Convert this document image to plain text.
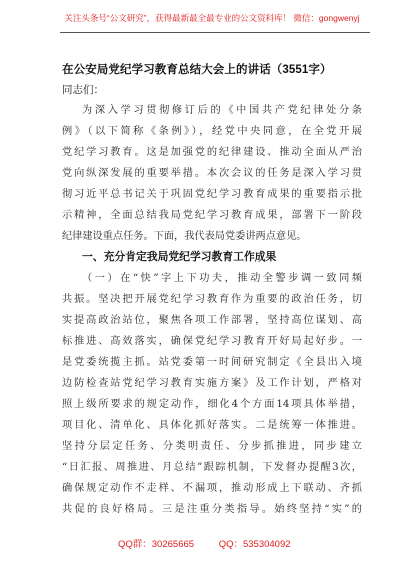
关注头条号“公文研究”，获得最新最全最专业的公文资料库！ 微信：gongwenyj
在公安局党纪学习教育总结大会上的讲话（3551字）
同志们：
为深入学习贯彻修订后的《中国共产党纪律处分条
例》（以下简称《条例》），经党中央同意，在全党开展
党纪学习教育。这是加强党的纪律建设、推动全面从严治
党向纵深发展的重要举措。本次会议的任务是深入学习贯
彻习近平总书记关于巩固党纪学习教育成果的重要指示批
示精神，全面总结我局党纪学习教育成果，部署下一阶段
纪律建设重点任务。下面，我代表局党委讲两点意见。
一、充分肯定我局党纪学习教育工作成果
（一）在“快”字上下功夫，推动全警步调一致同频
共振。坚决把开展党纪学习教育作为重要的政治任务，切
实提高政治站位，聚焦各项工作部署，坚持高位谋划、高
标推进、高效落实，确保党纪学习教育开好局起好步。一
是党委统揽主抓。站党委第一时间研究制定《全县出入境
边防检查站党纪学习教育实施方案》及工作计划，严格对
照上级所要求的规定动作，细化4个方面14项具体举措，
项目化、清单化、具体化抓好落实。二是统筹一体推进。
坚持分层定任务、分类明责任、分步抓推进，同步建立
“日汇报、周推进、月总结”跟踪机制，下发督办提醒3次，
确保规定动作不走样、不漏项，推动形成上下联动、齐抓
共促的良好格局。三是注重分类指导。始终坚持“实”的
QQ群：30265665	QQ：535304092
